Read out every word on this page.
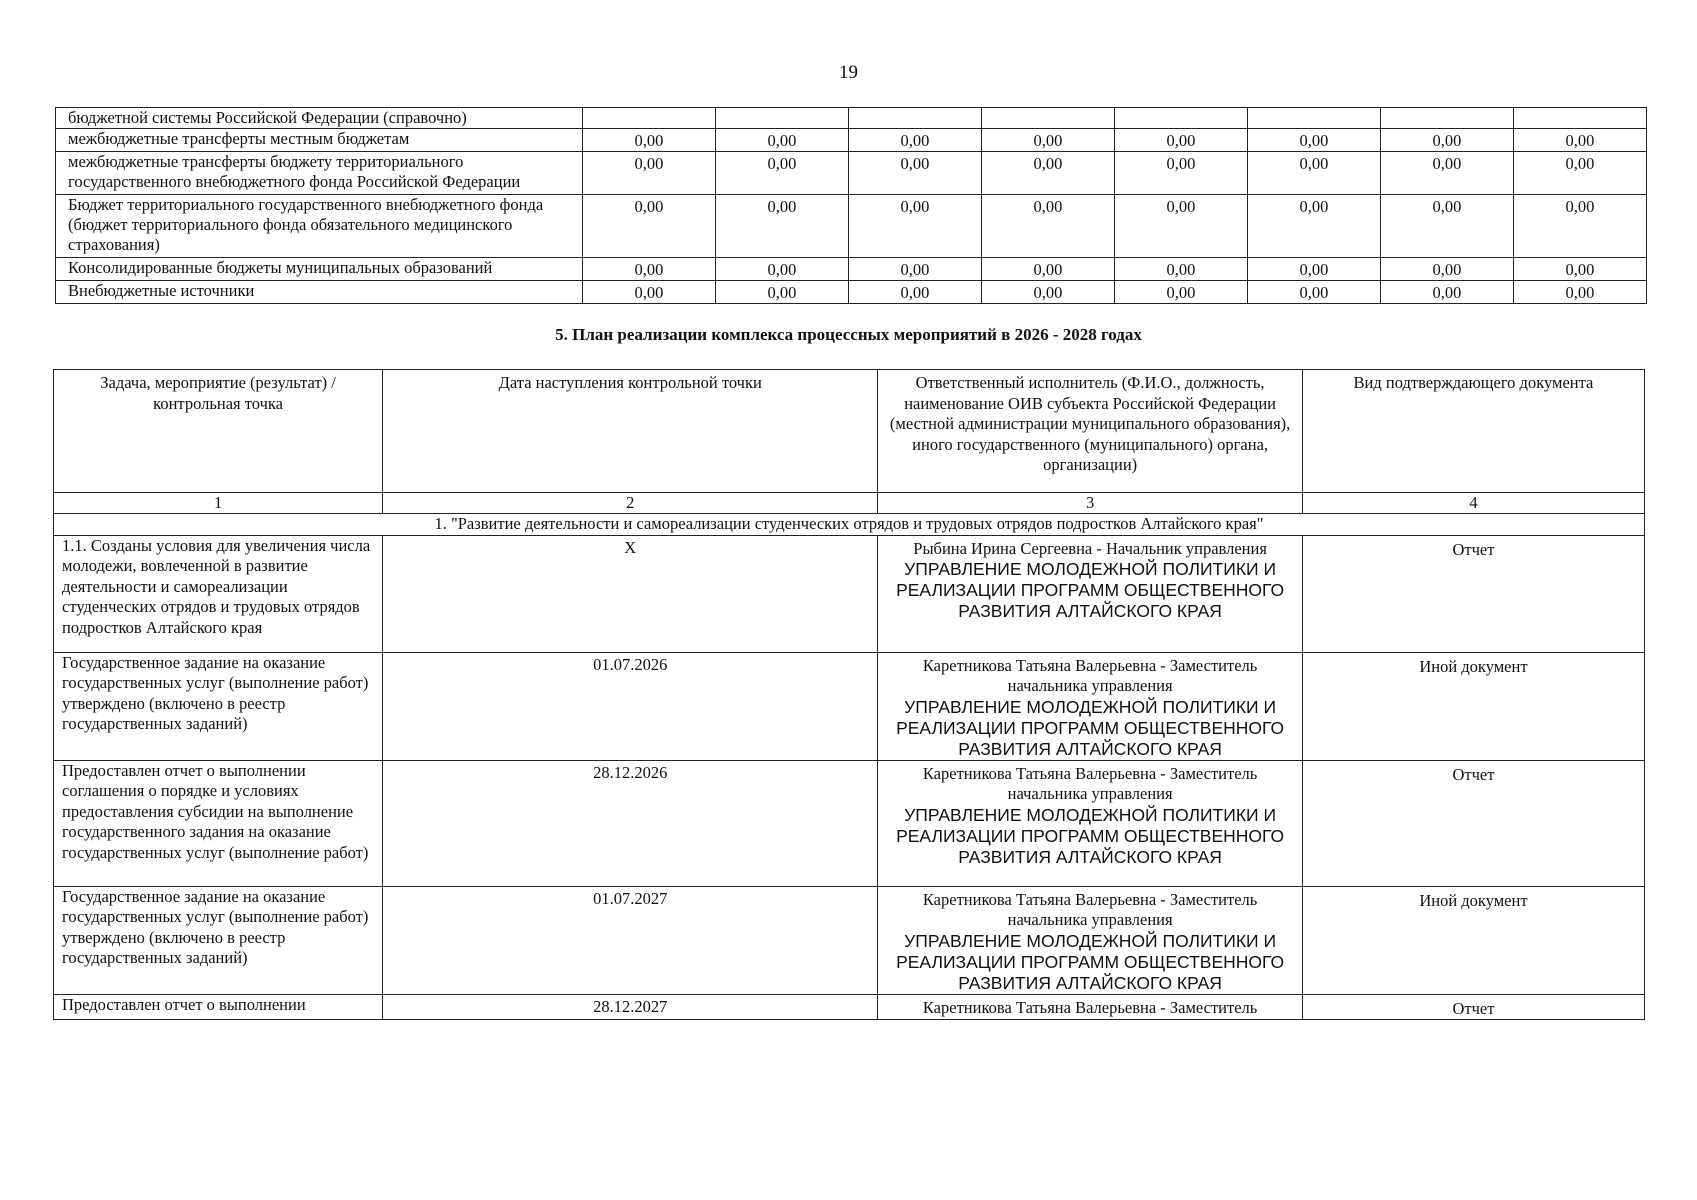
19
бюджетной системы Российской Федерации (справочно)								
межбюджетные трансферты местным бюджетам	0,00	0,00	0,00	0,00	0,00	0,00	0,00	0,00
межбюджетные трансферты бюджету территориального государственного внебюджетного фонда Российской Федерации	0,00	0,00	0,00	0,00	0,00	0,00	0,00	0,00
Бюджет территориального государственного внебюджетного фонда (бюджет территориального фонда обязательного медицинского страхования)	0,00	0,00	0,00	0,00	0,00	0,00	0,00	0,00
Консолидированные бюджеты муниципальных образований	0,00	0,00	0,00	0,00	0,00	0,00	0,00	0,00
Внебюджетные источники	0,00	0,00	0,00	0,00	0,00	0,00	0,00	0,00
5. План реализации комплекса процессных мероприятий в 2026 - 2028 годах
Задача, мероприятие (результат) / контрольная точка	Дата наступления контрольной точки	Ответственный исполнитель (Ф.И.О., должность, наименование ОИВ субъекта Российской Федерации (местной администрации муниципального образования), иного государственного (муниципального) органа, организации)	Вид подтверждающего документа
1	2	3	4
1. "Развитие деятельности и самореализации студенческих отрядов и трудовых отрядов подростков Алтайского края"			
1.1. Созданы условия для увеличения числа молодежи, вовлеченной в развитие деятельности и самореализации студенческих отрядов и трудовых отрядов подростков Алтайского края	X	Рыбина Ирина Сергеевна - Начальник управления
УПРАВЛЕНИЕ МОЛОДЕЖНОЙ ПОЛИТИКИ И РЕАЛИЗАЦИИ ПРОГРАММ ОБЩЕСТВЕННОГО РАЗВИТИЯ АЛТАЙСКОГО КРАЯ	Отчет
Государственное задание на оказание государственных услуг (выполнение работ) утверждено (включено в реестр государственных заданий)	01.07.2026	Каретникова Татьяна Валерьевна - Заместитель начальника управления
УПРАВЛЕНИЕ МОЛОДЕЖНОЙ ПОЛИТИКИ И РЕАЛИЗАЦИИ ПРОГРАММ ОБЩЕСТВЕННОГО РАЗВИТИЯ АЛТАЙСКОГО КРАЯ	Иной документ
Предоставлен отчет о выполнении соглашения о порядке и условиях предоставления субсидии на выполнение государственного задания на оказание государственных услуг (выполнение работ)	28.12.2026	Каретникова Татьяна Валерьевна - Заместитель начальника управления
УПРАВЛЕНИЕ МОЛОДЕЖНОЙ ПОЛИТИКИ И РЕАЛИЗАЦИИ ПРОГРАММ ОБЩЕСТВЕННОГО РАЗВИТИЯ АЛТАЙСКОГО КРАЯ	Отчет
Государственное задание на оказание государственных услуг (выполнение работ) утверждено (включено в реестр государственных заданий)	01.07.2027	Каретникова Татьяна Валерьевна - Заместитель начальника управления
УПРАВЛЕНИЕ МОЛОДЕЖНОЙ ПОЛИТИКИ И РЕАЛИЗАЦИИ ПРОГРАММ ОБЩЕСТВЕННОГО РАЗВИТИЯ АЛТАЙСКОГО КРАЯ	Иной документ
Предоставлен отчет о выполнении	28.12.2027	Каретникова Татьяна Валерьевна - Заместитель	Отчет
